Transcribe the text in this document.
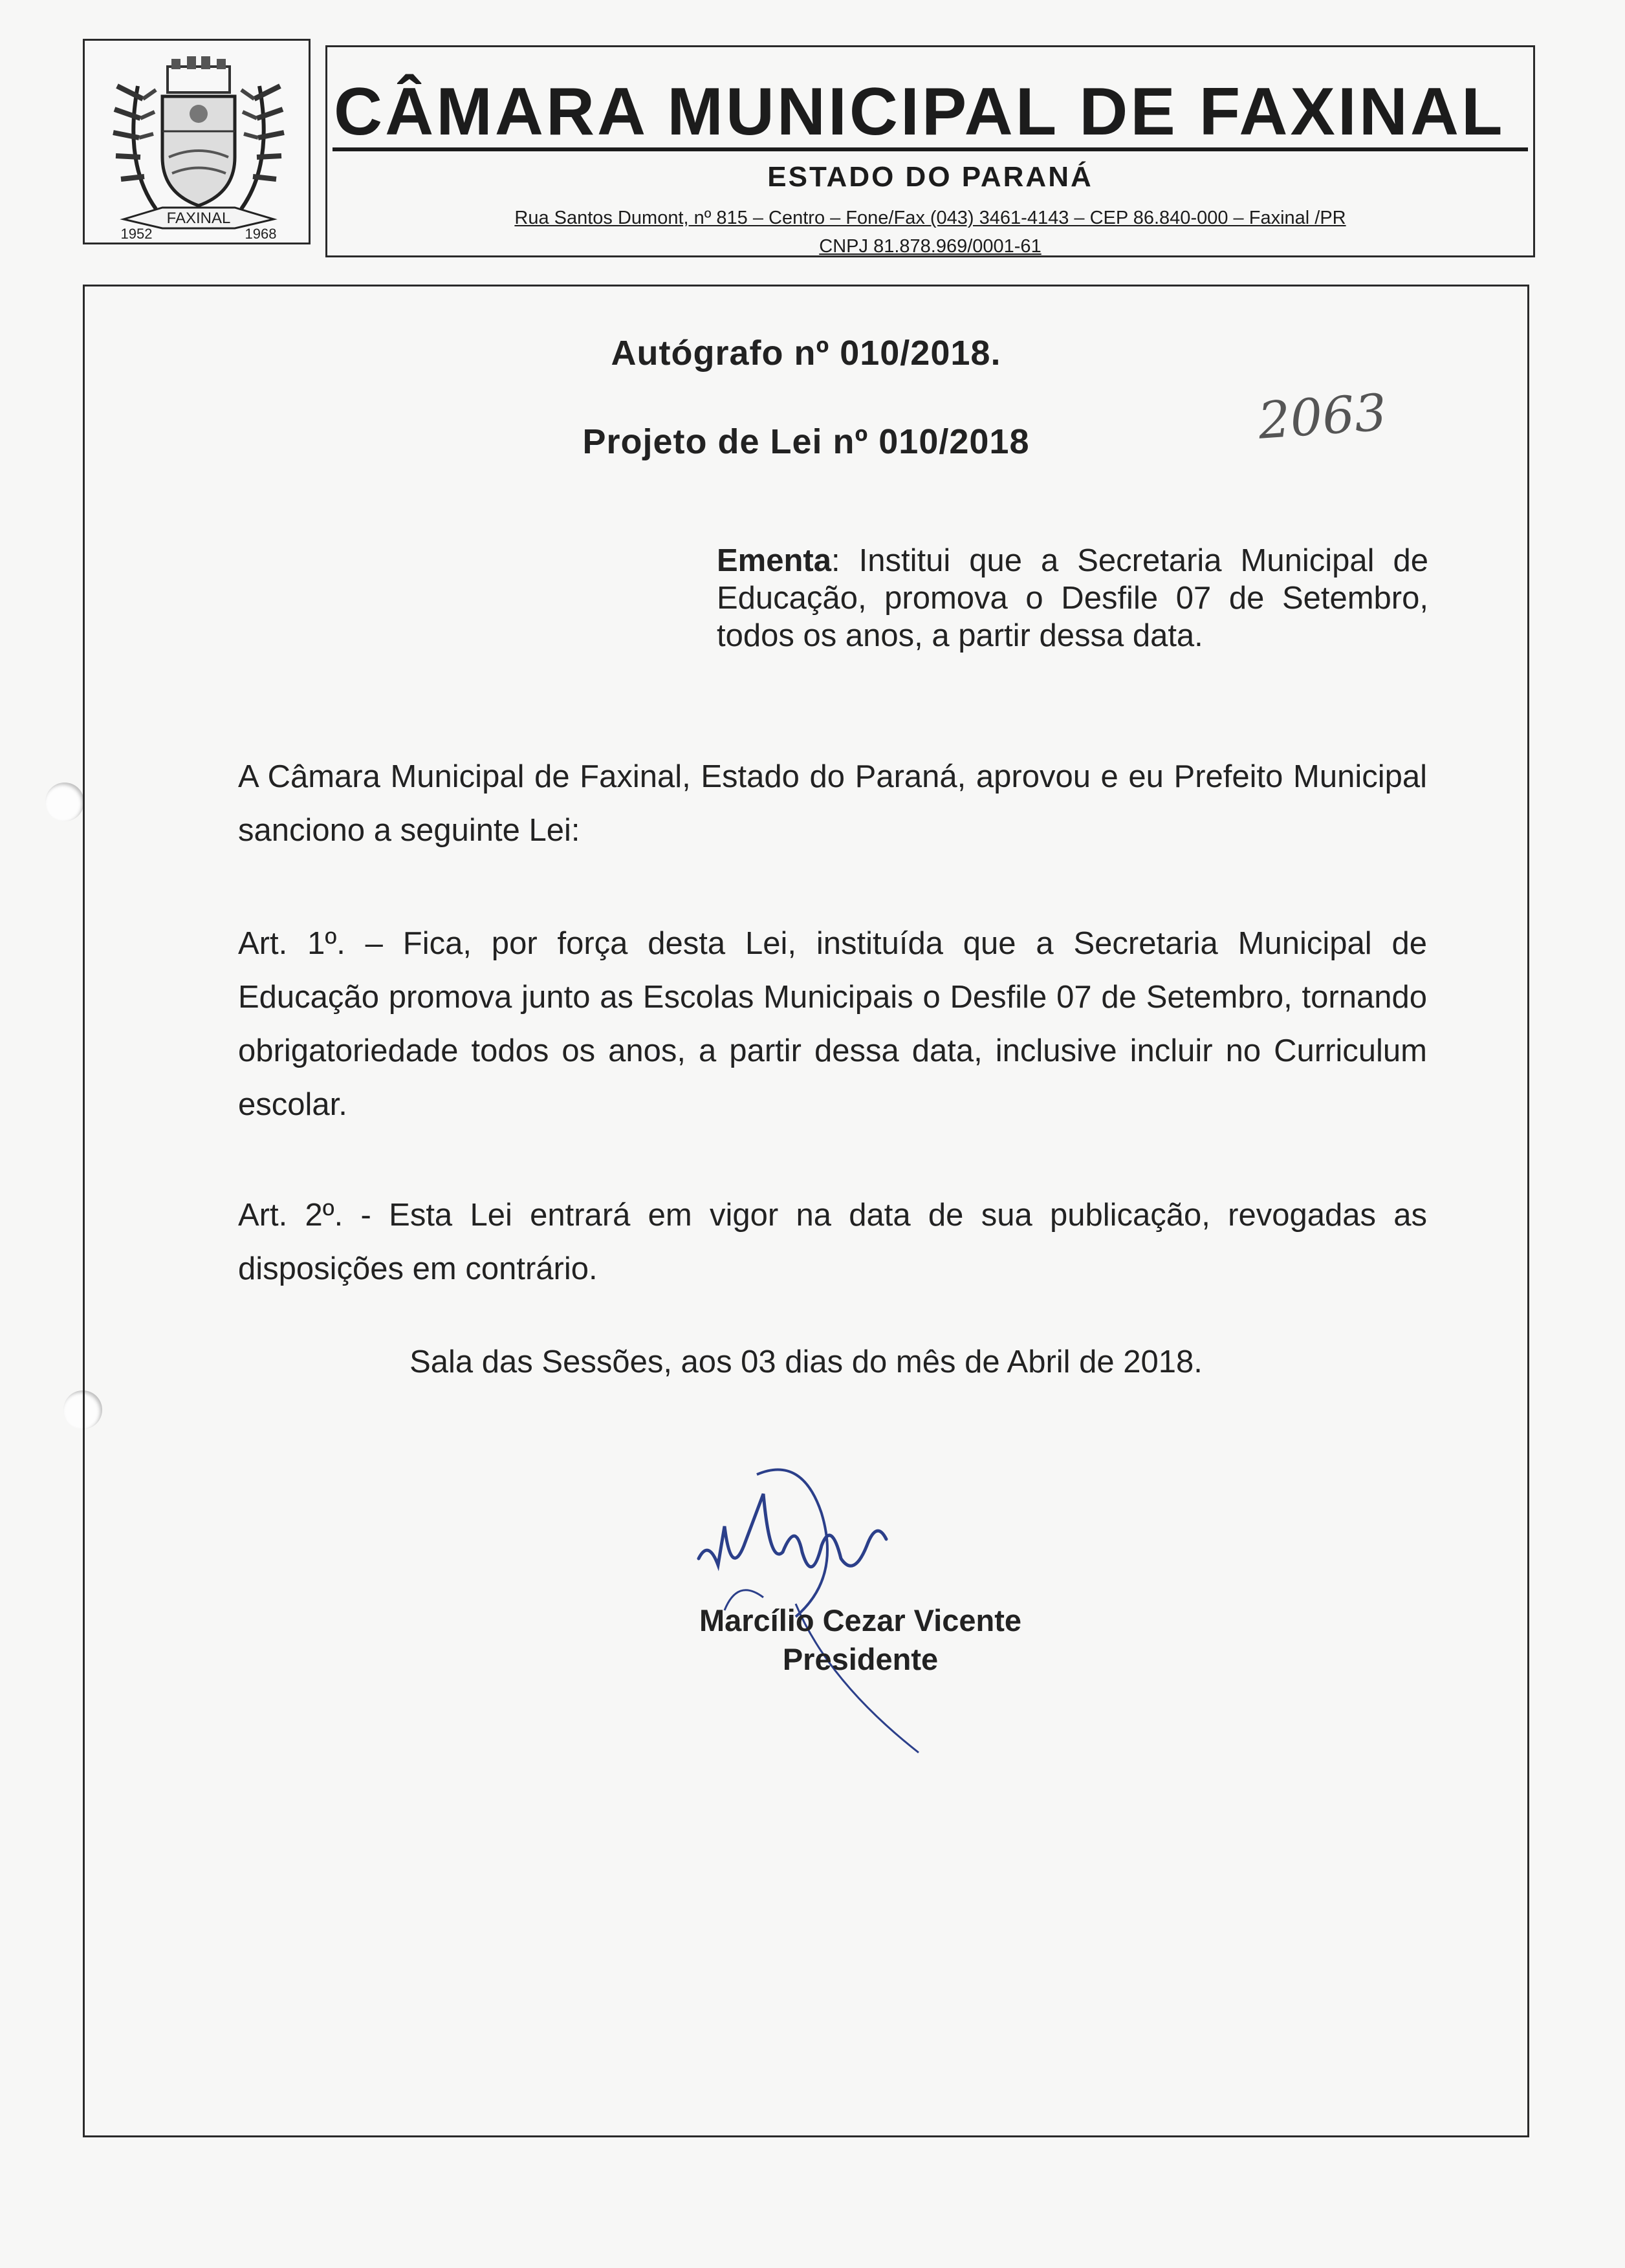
FAXINAL
1952	1968
CÂMARA MUNICIPAL DE FAXINAL
ESTADO DO PARANÁ
Rua Santos Dumont, nº 815 – Centro – Fone/Fax (043) 3461-4143 – CEP 86.840-000 – Faxinal /PR
CNPJ 81.878.969/0001-61
Autógrafo nº 010/2018.
Projeto de Lei nº 010/2018	2063
Ementa: Institui que a Secretaria Municipal de Educação, promova o Desfile 07 de Setembro, todos os anos, a partir dessa data.
A Câmara Municipal de Faxinal, Estado do Paraná, aprovou e eu Prefeito Municipal sanciono a seguinte Lei:
Art. 1º. – Fica, por força desta Lei, instituída que a Secretaria Municipal de Educação promova junto as Escolas Municipais o Desfile 07 de Setembro, tornando obrigatoriedade todos os anos, a partir dessa data, inclusive incluir no Curriculum escolar.
Art. 2º. - Esta Lei entrará em vigor na data de sua publicação, revogadas as disposições em contrário.
Sala das Sessões, aos 03 dias do mês de Abril de 2018.
Marcílio Cezar Vicente
Presidente
